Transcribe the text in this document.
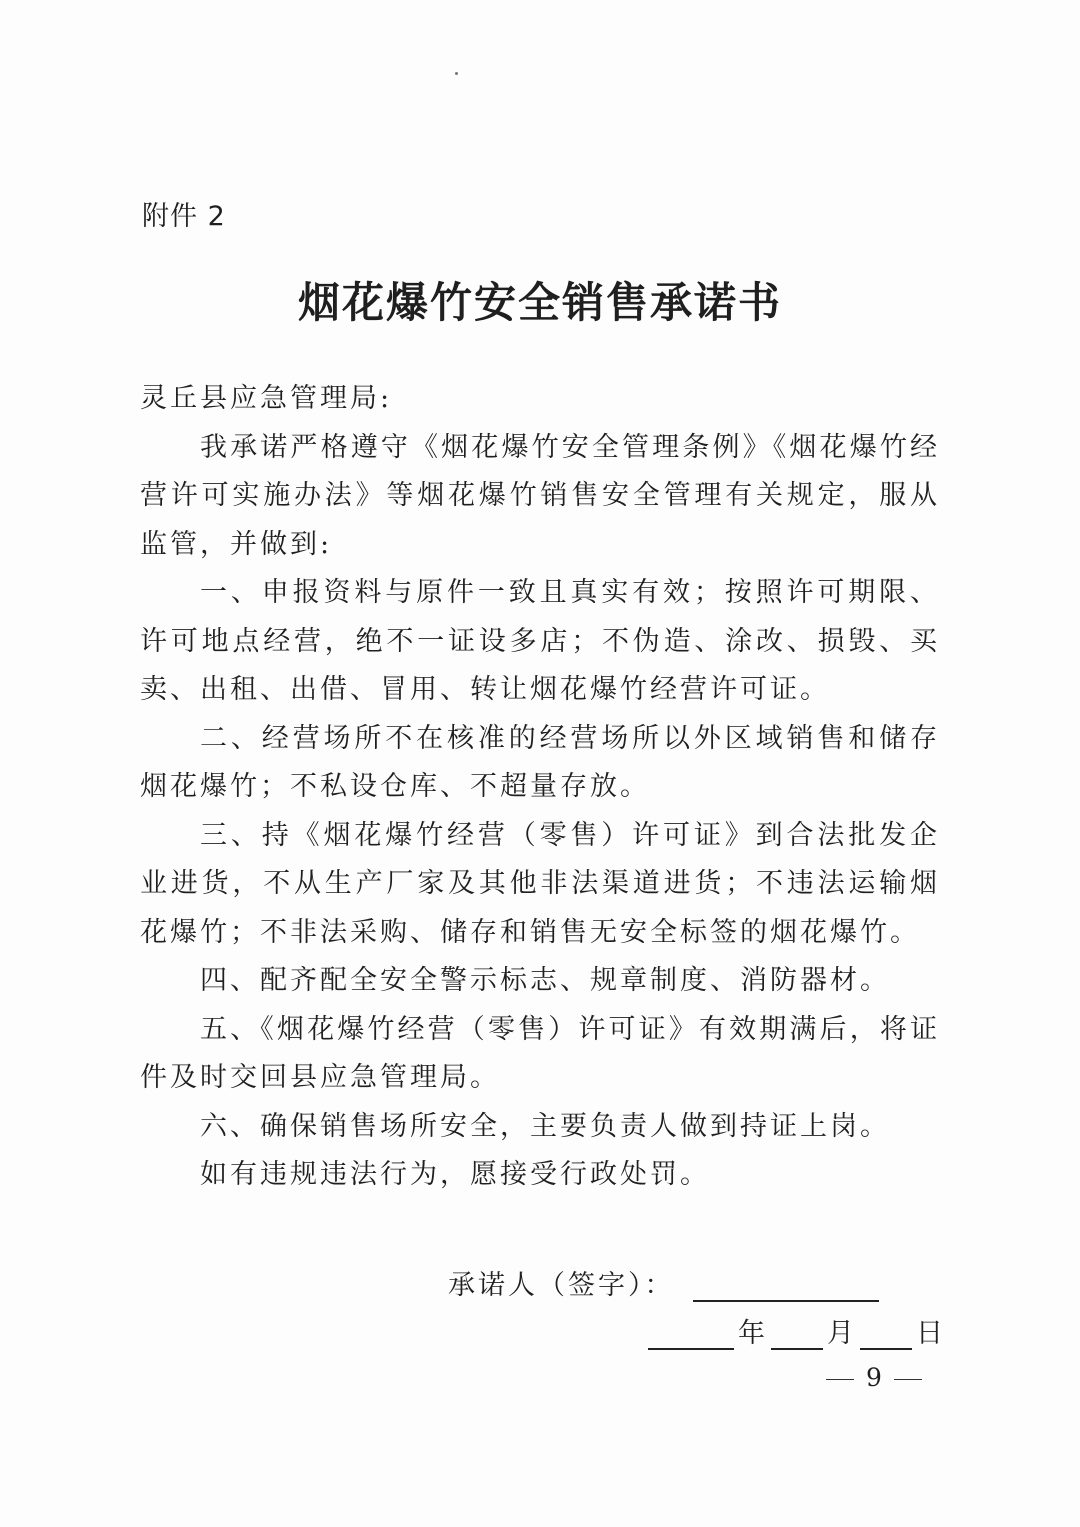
附件 2
烟花爆竹安全销售承诺书

灵丘县应急管理局:

我承诺严格遵守《烟花爆竹安全管理条例》《烟花爆竹经营许可实施办法》等烟花爆竹销售安全管理有关规定，服从监管，并做到:

一、申报资料与原件一致且真实有效；按照许可期限、许可地点经营，绝不一证设多店；不伪造、涂改、损毁、买卖、出租、出借、冒用、转让烟花爆竹经营许可证。

二、经营场所不在核准的经营场所以外区域销售和储存烟花爆竹；不私设仓库、不超量存放。

三、持《烟花爆竹经营（零售）许可证》到合法批发企业进货，不从生产厂家及其他非法渠道进货；不违法运输烟花爆竹；不非法采购、储存和销售无安全标签的烟花爆竹。

四、配齐配全安全警示标志、规章制度、消防器材。

五、《烟花爆竹经营（零售）许可证》有效期满后，将证件及时交回县应急管理局。

六、确保销售场所安全，主要负责人做到持证上岗。

如有违规违法行为，愿接受行政处罚。

承诺人（签字）：
年 月 日
9
